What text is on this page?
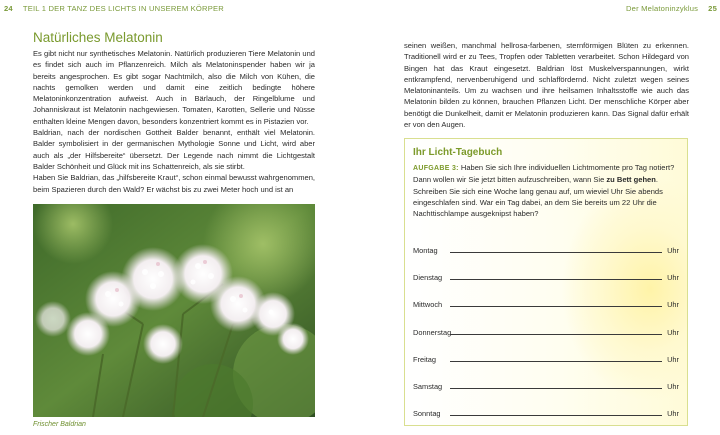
24 TEIL 1 DER TANZ DES LICHTS IN UNSEREM KÖRPER	Der Melatoninzyklus 25
Natürliches Melatonin

Es gibt nicht nur synthetisches Melatonin. Natürlich produzieren Tiere Melatonin und es findet sich auch im Pflanzenreich. Milch als Melatoninspender haben wir ja bereits angesprochen. Es gibt sogar Nachtmilch, also die Milch von Kühen, die nachts gemolken werden und damit eine zeitlich bedingte höhere Melatoninkonzentration aufweist. Auch in Bärlauch, der Ringelblume und Johanniskraut ist Melatonin nachgewiesen. Tomaten, Karotten, Sellerie und Nüsse enthalten kleine Mengen davon, besonders konzentriert kommt es in Pistazien vor.

Baldrian, nach der nordischen Gottheit Balder benannt, enthält viel Melatonin. Balder symbolisiert in der germanischen Mythologie Sonne und Licht, wird aber auch als „der Hilfsbereite“ übersetzt. Der Legende nach nimmt die Lichtgestalt Balder Schönheit und Glück mit ins Schattenreich, als sie stirbt.

Haben Sie Baldrian, das „hilfsbereite Kraut“, schon einmal bewusst wahrgenommen, beim Spazieren durch den Wald? Er wächst bis zu zwei Meter hoch und ist an

Frischer Baldrian

seinen weißen, manchmal hellrosa-farbenen, sternförmigen Blüten zu erkennen. Traditionell wird er zu Tees, Tropfen oder Tabletten verarbeitet. Schon Hildegard von Bingen hat das Kraut eingesetzt. Baldrian löst Muskelverspannungen, wirkt entkrampfend, nervenberuhigend und schlaffördernd. Nicht zuletzt wegen seines Melatoninanteils. Um zu wachsen und ihre heilsamen Inhaltsstoffe wie auch das Melatonin bilden zu können, brauchen Pflanzen Licht. Der menschliche Körper aber benötigt die Dunkelheit, damit er Melatonin produzieren kann. Das Signal dafür erhält er von den Augen.

Ihr Licht-Tagebuch

AUFGABE 3: Haben Sie sich Ihre individuellen Lichtmomente pro Tag notiert? Dann wollen wir Sie jetzt bitten aufzuschreiben, wann Sie zu Bett gehen. Schreiben Sie sich eine Woche lang genau auf, um wieviel Uhr Sie abends eingeschlafen sind. War ein Tag dabei, an dem Sie bereits um 22 Uhr die Nachttischlampe ausgeknipst haben?

Montag	Uhr
Dienstag	Uhr
Mittwoch	Uhr
Donnerstag	Uhr
Freitag	Uhr
Samstag	Uhr
Sonntag	Uhr
